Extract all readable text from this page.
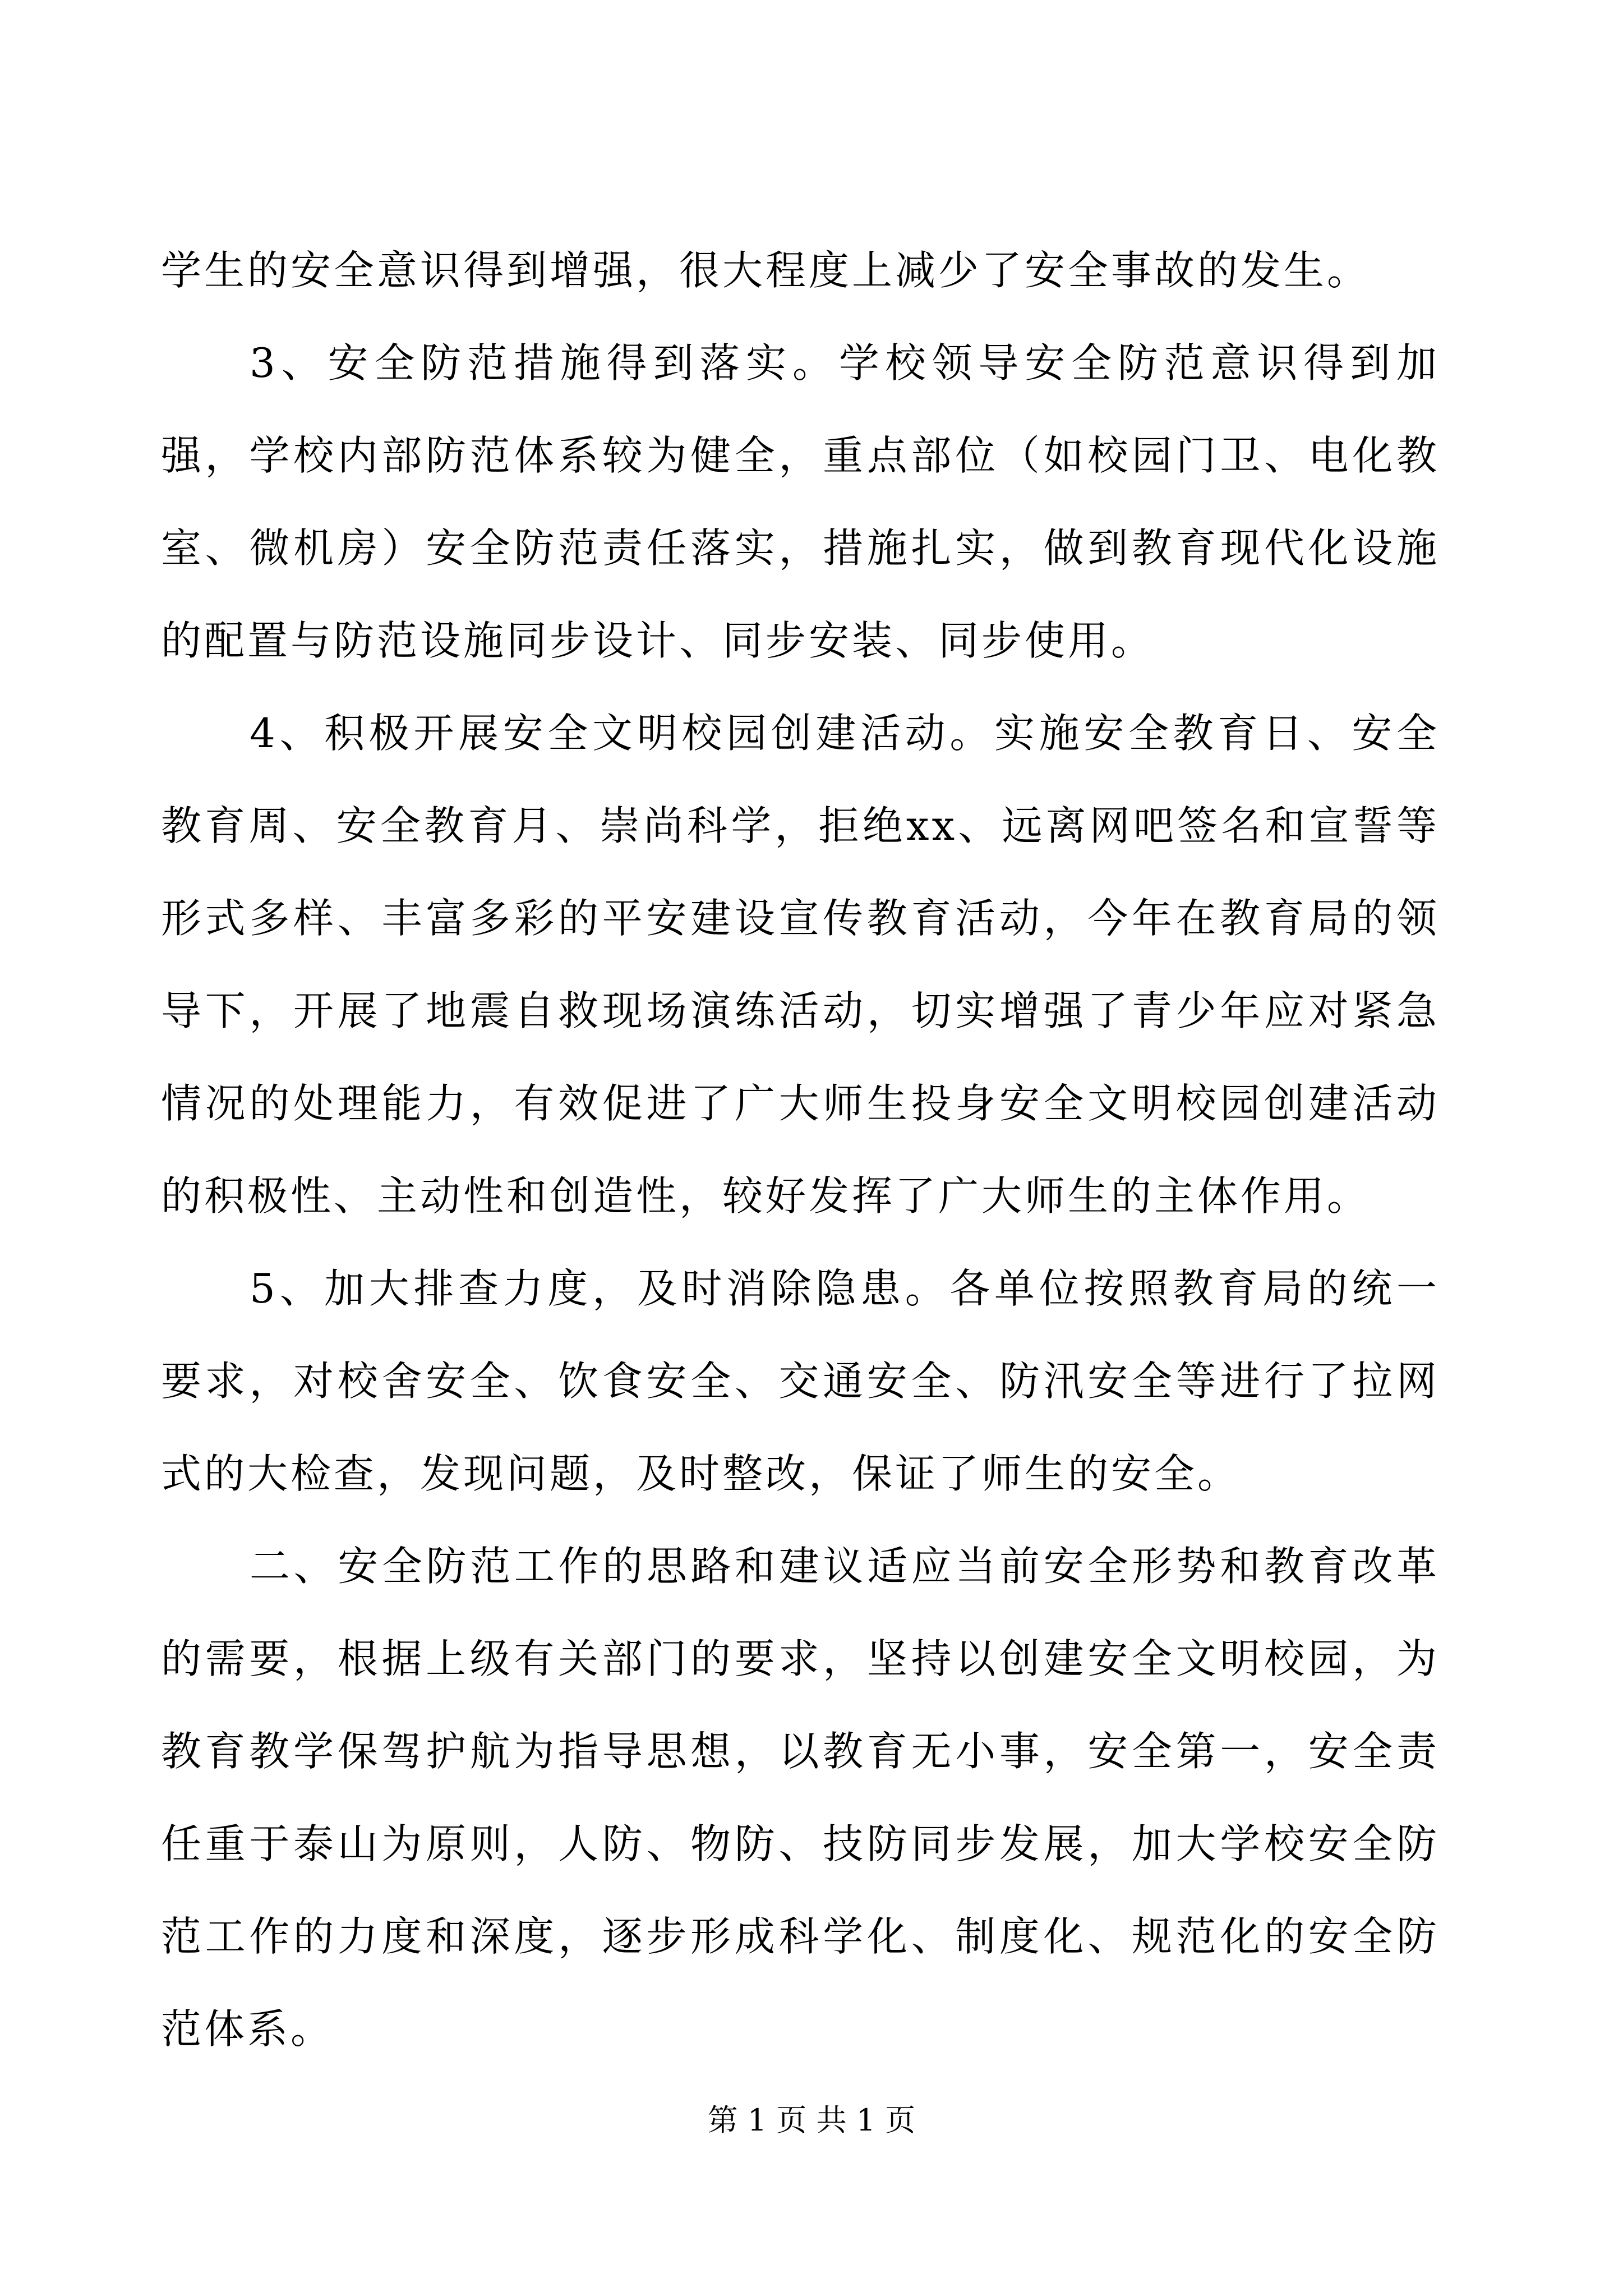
学生的安全意识得到增强，很大程度上减少了安全事故的发生。

3、安全防范措施得到落实。学校领导安全防范意识得到加强，学校内部防范体系较为健全，重点部位（如校园门卫、电化教室、微机房）安全防范责任落实，措施扎实，做到教育现代化设施的配置与防范设施同步设计、同步安装、同步使用。

4、积极开展安全文明校园创建活动。实施安全教育日、安全教育周、安全教育月、崇尚科学，拒绝xx、远离网吧签名和宣誓等形式多样、丰富多彩的平安建设宣传教育活动，今年在教育局的领导下，开展了地震自救现场演练活动，切实增强了青少年应对紧急情况的处理能力，有效促进了广大师生投身安全文明校园创建活动的积极性、主动性和创造性，较好发挥了广大师生的主体作用。

5、加大排查力度，及时消除隐患。各单位按照教育局的统一要求，对校舍安全、饮食安全、交通安全、防汛安全等进行了拉网式的大检查，发现问题，及时整改，保证了师生的安全。

二、安全防范工作的思路和建议适应当前安全形势和教育改革的需要，根据上级有关部门的要求，坚持以创建安全文明校园，为教育教学保驾护航为指导思想，以教育无小事，安全第一，安全责任重于泰山为原则，人防、物防、技防同步发展，加大学校安全防范工作的力度和深度，逐步形成科学化、制度化、规范化的安全防范体系。

第 1 页 共 1 页
